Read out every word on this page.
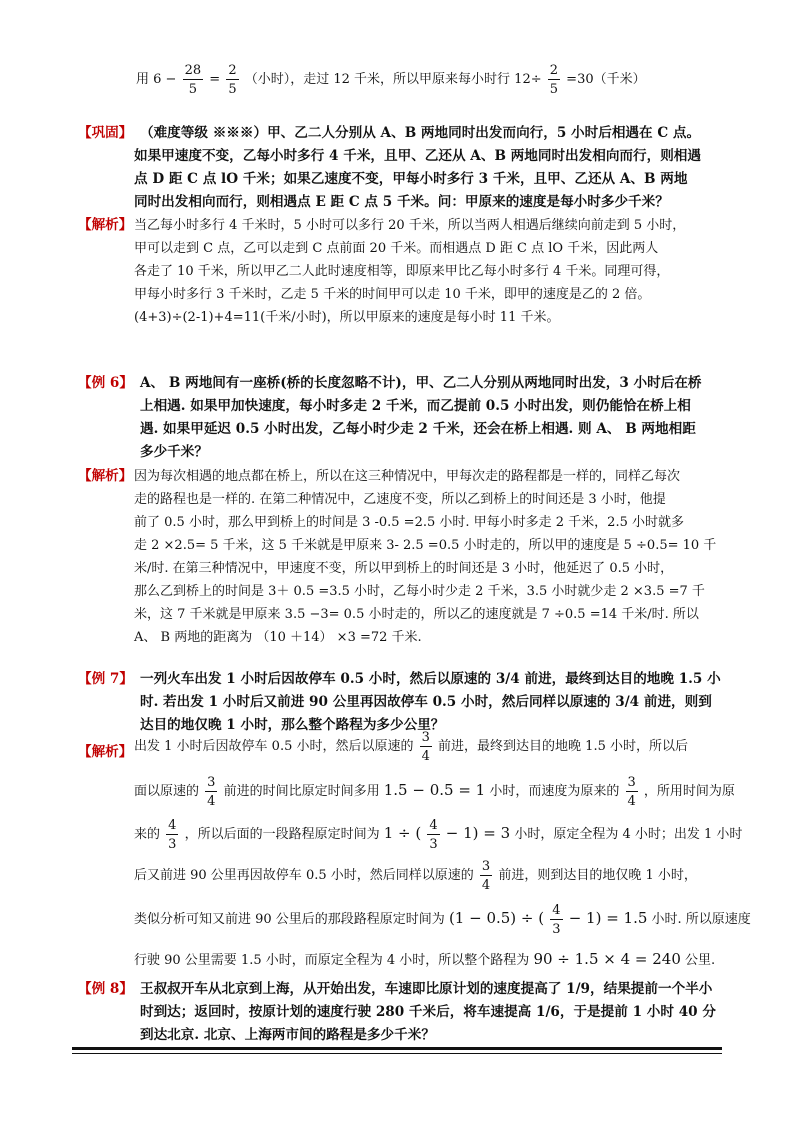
用 $6 - \frac{28}{5} = \frac{2}{5}$ （小时），走过 12 千米，所以甲原来每小时行 $12\div \frac{2}{5} =30$（千米）
【巩固】 （难度等级 ※※※）甲、乙二人分别从 A、B 两地同时出发而向行，5 小时后相遇在 C 点。
如果甲速度不变，乙每小时多行 4 千米，且甲、乙还从 A、B 两地同时出发相向而行，则相遇
点 D 距 C 点 lO 千米；如果乙速度不变，甲每小时多行 3 千米，且甲、乙还从 A、B 两地
同时出发相向而行，则相遇点 E 距 C 点 5 千米。问：甲原来的速度是每小时多少千米？
【解析】 当乙每小时多行 4 千米时，5 小时可以多行 20 千米，所以当两人相遇后继续向前走到 5 小时，
甲可以走到 C 点，乙可以走到 C 点前面 20 千米。而相遇点 D 距 C 点 lO 千米，因此两人
各走了 10 千米，所以甲乙二人此时速度相等，即原来甲比乙每小时多行 4 千米。同理可得，
甲每小时多行 3 千米时，乙走 5 千米的时间甲可以走 10 千米，即甲的速度是乙的 2 倍。
(4+3)÷(2-1)+4=11(千米/小时)，所以甲原来的速度是每小时 11 千米。
【例 6】 A、 B 两地间有一座桥(桥的长度忽略不计)，甲、乙二人分别从两地同时出发，3 小时后在桥
上相遇. 如果甲加快速度，每小时多走 2 千米，而乙提前 0.5 小时出发，则仍能恰在桥上相
遇. 如果甲延迟 0.5 小时出发，乙每小时少走 2 千米，还会在桥上相遇. 则 A、 B 两地相距
多少千米？
【解析】 因为每次相遇的地点都在桥上，所以在这三种情况中，甲每次走的路程都是一样的，同样乙每次
走的路程也是一样的. 在第二种情况中，乙速度不变，所以乙到桥上的时间还是 3 小时，他提
前了 0.5 小时，那么甲到桥上的时间是 3 -0.5 =2.5 小时. 甲每小时多走 2 千米，2.5 小时就多
走 2 ×2.5= 5 千米，这 5 千米就是甲原来 3- 2.5 =0.5 小时走的，所以甲的速度是 5 ÷0.5= 10 千
米/时. 在第三种情况中，甲速度不变，所以甲到桥上的时间还是 3 小时，他延迟了 0.5 小时，
那么乙到桥上的时间是 3＋ 0.5 =3.5 小时，乙每小时少走 2 千米，3.5 小时就少走 2 ×3.5 =7 千
米，这 7 千米就是甲原来 3.5 −3= 0.5 小时走的，所以乙的速度就是 7 ÷0.5 =14 千米/时. 所以
A、 B 两地的距离为 （10 ＋14） ×3 =72 千米.
【例 7】 一列火车出发 1 小时后因故停车 0.5 小时，然后以原速的 3/4 前进，最终到达目的地晚 1.5 小
时. 若出发 1 小时后又前进 90 公里再因故停车 0.5 小时，然后同样以原速的 3/4 前进，则到
达目的地仅晚 1 小时，那么整个路程为多少公里？
【解析】 出发 1 小时后因故停车 0.5 小时，然后以原速的 $\frac{3}{4}$ 前进，最终到达目的地晚 1.5 小时，所以后
面以原速的 $\frac{3}{4}$ 前进的时间比原定时间多用 1.5 − 0.5 = 1 小时，而速度为原来的 $\frac{3}{4}$ ，所用时间为原
来的 $\frac{4}{3}$ ，所以后面的一段路程原定时间为 1 ÷ ( $\frac{4}{3} - 1) = 3$ 小时，原定全程为 4 小时；出发 1 小时
后又前进 90 公里再因故停车 0.5 小时，然后同样以原速的 $\frac{3}{4}$ 前进，则到达目的地仅晚 1 小时，
类似分析可知又前进 90 公里后的那段路程原定时间为 (1 − 0.5) ÷ ( $\frac{4}{3} - 1) = 1.5$ 小时. 所以原速度
行驶 90 公里需要 1.5 小时，而原定全程为 4 小时，所以整个路程为 90 ÷ 1.5 × 4 = 240 公里.
【例 8】 王叔叔开车从北京到上海，从开始出发，车速即比原计划的速度提高了 1/9，结果提前一个半小
时到达；返回时，按原计划的速度行驶 280 千米后，将车速提高 1/6，于是提前 1 小时 40 分
到达北京. 北京、上海两市间的路程是多少千米？
